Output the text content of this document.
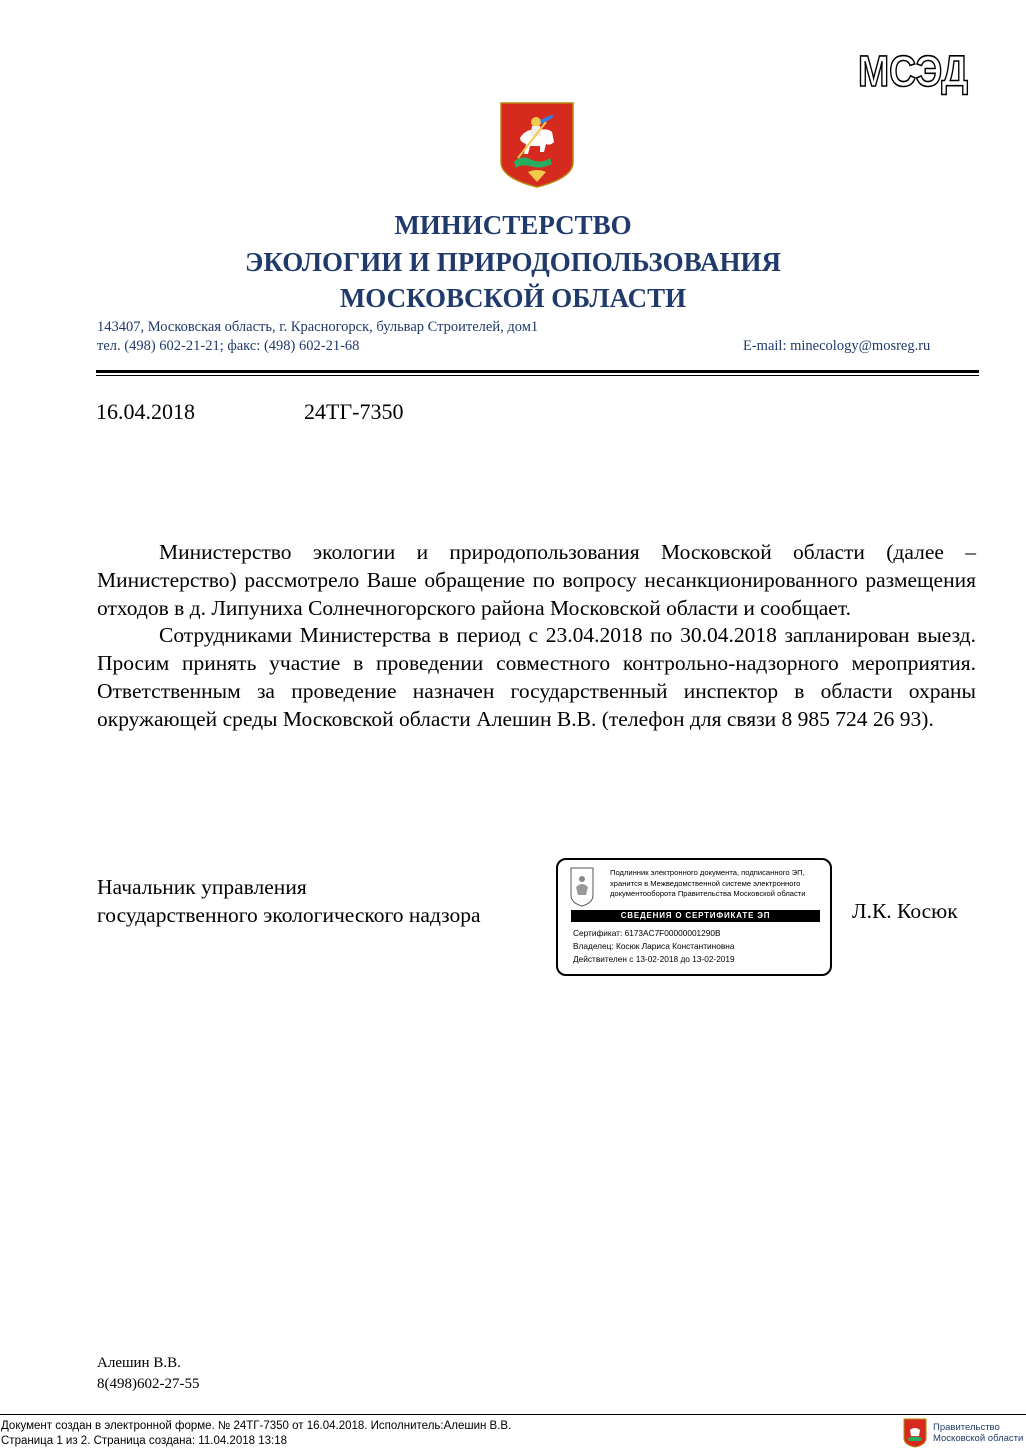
МСЭД
МИНИСТЕРСТВО
ЭКОЛОГИИ И ПРИРОДОПОЛЬЗОВАНИЯ
МОСКОВСКОЙ ОБЛАСТИ
143407, Московская область, г. Красногорск, бульвар Строителей, дом1
тел. (498) 602-21-21; факс: (498) 602-21-68	E-mail: minecology@mosreg.ru
16.04.2018	24ТГ-7350

Министерство экологии и природопользования Московской области (далее – Министерство) рассмотрело Ваше обращение по вопросу несанкционированного размещения отходов в д. Липуниха Солнечногорского района Московской области и сообщает.

Сотрудниками Министерства в период с 23.04.2018 по 30.04.2018 запланирован выезд. Просим принять участие в проведении совместного контрольно-надзорного мероприятия. Ответственным за проведение назначен государственный инспектор в области охраны окружающей среды Московской области Алешин В.В. (телефон для связи 8 985 724 26 93).

Начальник управления
государственного экологического надзора
Подлинник электронного документа, подписанного ЭП, хранится в Межведомственной системе электронного документооборота Правительства Московской области
СВЕДЕНИЯ О СЕРТИФИКАТЕ ЭП
Сертификат: 6173AC7F00000001290B
Владелец: Косюк Лариса Константиновна
Действителен с 13-02-2018 до 13-02-2019
Л.К. Косюк
Алешин В.В.
8(498)602-27-55
Документ создан в электронной форме. № 24ТГ-7350 от 16.04.2018. Исполнитель:Алешин В.В.
Страница 1 из 2. Страница создана: 11.04.2018 13:18
Правительство
Московской области
